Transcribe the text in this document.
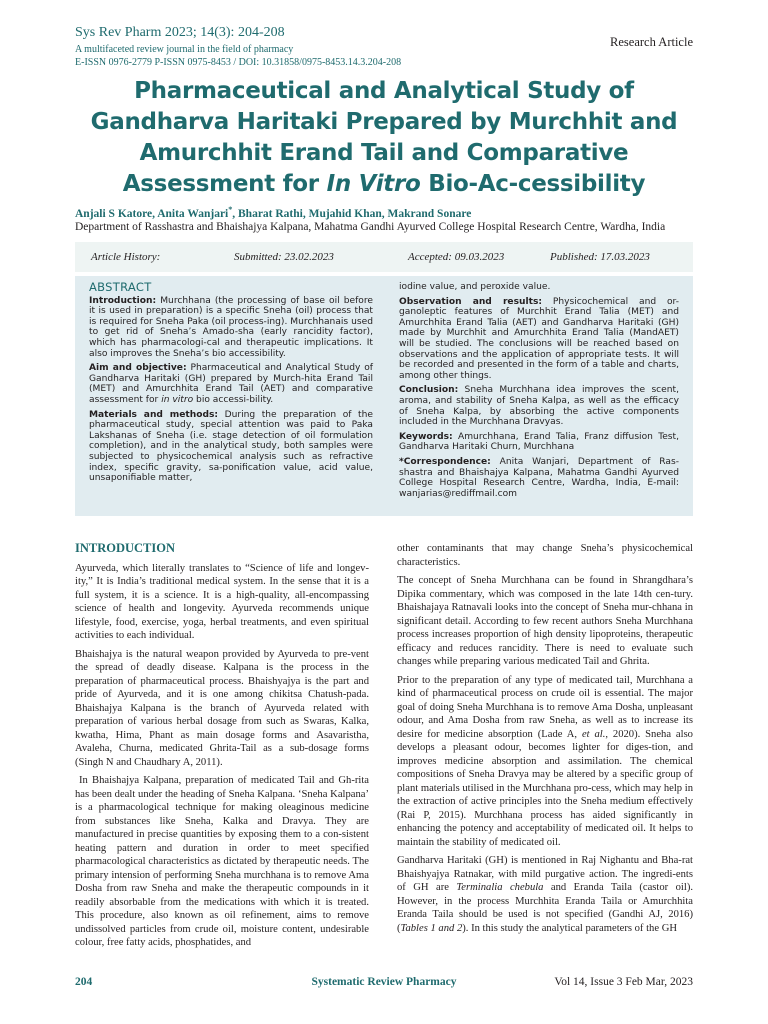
Sys Rev Pharm 2023; 14(3): 204-208
A multifaceted review journal in the field of pharmacy
E-ISSN 0976-2779 P-ISSN 0975-8453 / DOI: 10.31858/0975-8453.14.3.204-208
Research Article
Pharmaceutical and Analytical Study of Gandharva Haritaki Prepared by Murchhit and Amurchhit Erand Tail and Comparative Assessment for In Vitro Bio-Ac-cessibility
Anjali S Katore, Anita Wanjari*, Bharat Rathi, Mujahid Khan, Makrand Sonare
Department of Rasshastra and Bhaishajya Kalpana, Mahatma Gandhi Ayurved College Hospital Research Centre, Wardha, India
Article History:	Submitted: 23.02.2023	Accepted: 09.03.2023	Published: 17.03.2023
ABSTRACT

Introduction: Murchhana (the processing of base oil before it is used in preparation) is a specific Sneha (oil) process that is required for Sneha Paka (oil process-ing). Murchhanais used to get rid of Sneha’s Amado-sha (early rancidity factor), which has pharmacologi-cal and therapeutic implications. It also improves the Sneha’s bio accessibility.

Aim and objective: Pharmaceutical and Analytical Study of Gandharva Haritaki (GH) prepared by Murch-hita Erand Tail (MET) and Amurchhita Erand Tail (AET) and comparative assessment for in vitro bio accessi-bility.

Materials and methods: During the preparation of the pharmaceutical study, special attention was paid to Paka Lakshanas of Sneha (i.e. stage detection of oil formulation completion), and in the analytical study, both samples were subjected to physicochemical analysis such as refractive index, specific gravity, sa-ponification value, acid value, unsaponifiable matter,

iodine value, and peroxide value.

Observation and results: Physicochemical and or-ganoleptic features of Murchhit Erand Talia (MET) and Amurchhita Erand Talia (AET) and Gandharva Haritaki (GH) made by Murchhit and Amurchhita Erand Talia (MandAET) will be studied. The conclusions will be reached based on observations and the application of appropriate tests. It will be recorded and presented in the form of a table and charts, among other things.

Conclusion: Sneha Murchhana idea improves the scent, aroma, and stability of Sneha Kalpa, as well as the efficacy of Sneha Kalpa, by absorbing the active components included in the Murchhana Dravyas.

Keywords: Amurchhana, Erand Talia, Franz diffusion Test, Gandharva Haritaki Churn, Murchhana

*Correspondence: Anita Wanjari, Department of Ras-shastra and Bhaishajya Kalpana, Mahatma Gandhi Ayurved College Hospital Research Centre, Wardha, India, E-mail: wanjarias@rediffmail.com

INTRODUCTION

Ayurveda, which literally translates to “Science of life and longev-ity,” It is India’s traditional medical system. In the sense that it is a full system, it is a science. It is a high-quality, all-encompassing science of health and longevity. Ayurveda recommends unique lifestyle, food, exercise, yoga, herbal treatments, and even spiritual activities to each individual.

Bhaishajya is the natural weapon provided by Ayurveda to pre-vent the spread of deadly disease. Kalpana is the process in the preparation of pharmaceutical process. Bhaishyajya is the part and pride of Ayurveda, and it is one among chikitsa Chatush-pada. Bhaishajya Kalpana is the branch of Ayurveda related with preparation of various herbal dosage from such as Swaras, Kalka, kwatha, Hima, Phant as main dosage forms and Asavaristha, Avaleha, Churna, medicated Ghrita-Tail as a sub-dosage forms (Singh N and Chaudhary A, 2011).

In Bhaishajya Kalpana, preparation of medicated Tail and Gh-rita has been dealt under the heading of Sneha Kalpana. ‘Sneha Kalpana’ is a pharmacological technique for making oleaginous medicine from substances like Sneha, Kalka and Dravya. They are manufactured in precise quantities by exposing them to a con-sistent heating pattern and duration in order to meet specified pharmacological characteristics as dictated by therapeutic needs. The primary intension of performing Sneha murchhana is to remove Ama Dosha from raw Sneha and make the therapeutic compounds in it readily absorbable from the medications with which it is treated. This procedure, also known as oil refinement, aims to remove undissolved particles from crude oil, moisture content, undesirable colour, free fatty acids, phosphatides, and

other contaminants that may change Sneha’s physicochemical characteristics.

The concept of Sneha Murchhana can be found in Shrangdhara’s Dipika commentary, which was composed in the late 14th cen-tury. Bhaishajaya Ratnavali looks into the concept of Sneha mur-chhana in significant detail. According to few recent authors Sneha Murchhana process increases proportion of high density lipoproteins, therapeutic efficacy and reduces rancidity. There is need to evaluate such changes while preparing various medicated Tail and Ghrita.

Prior to the preparation of any type of medicated tail, Murchhana a kind of pharmaceutical process on crude oil is essential. The major goal of doing Sneha Murchhana is to remove Ama Dosha, unpleasant odour, and Ama Dosha from raw Sneha, as well as to increase its desire for medicine absorption (Lade A, et al., 2020). Sneha also develops a pleasant odour, becomes lighter for diges-tion, and improves medicine absorption and assimilation. The chemical compositions of Sneha Dravya may be altered by a specific group of plant materials utilised in the Murchhana pro-cess, which may help in the extraction of active principles into the Sneha medium effectively (Rai P, 2015). Murchhana process has aided significantly in enhancing the potency and acceptability of medicated oil. It helps to maintain the stability of medicated oil.

Gandharva Haritaki (GH) is mentioned in Raj Nighantu and Bha-rat Bhaishyajya Ratnakar, with mild purgative action. The ingredi-ents of GH are Terminalia chebula and Eranda Taila (castor oil). However, in the process Murchhita Eranda Taila or Amurchhita Eranda Taila should be used is not specified (Gandhi AJ, 2016) (Tables 1 and 2). In this study the analytical parameters of the GH

Systematic Review Pharmacy
204	Vol 14, Issue 3 Feb Mar, 2023
